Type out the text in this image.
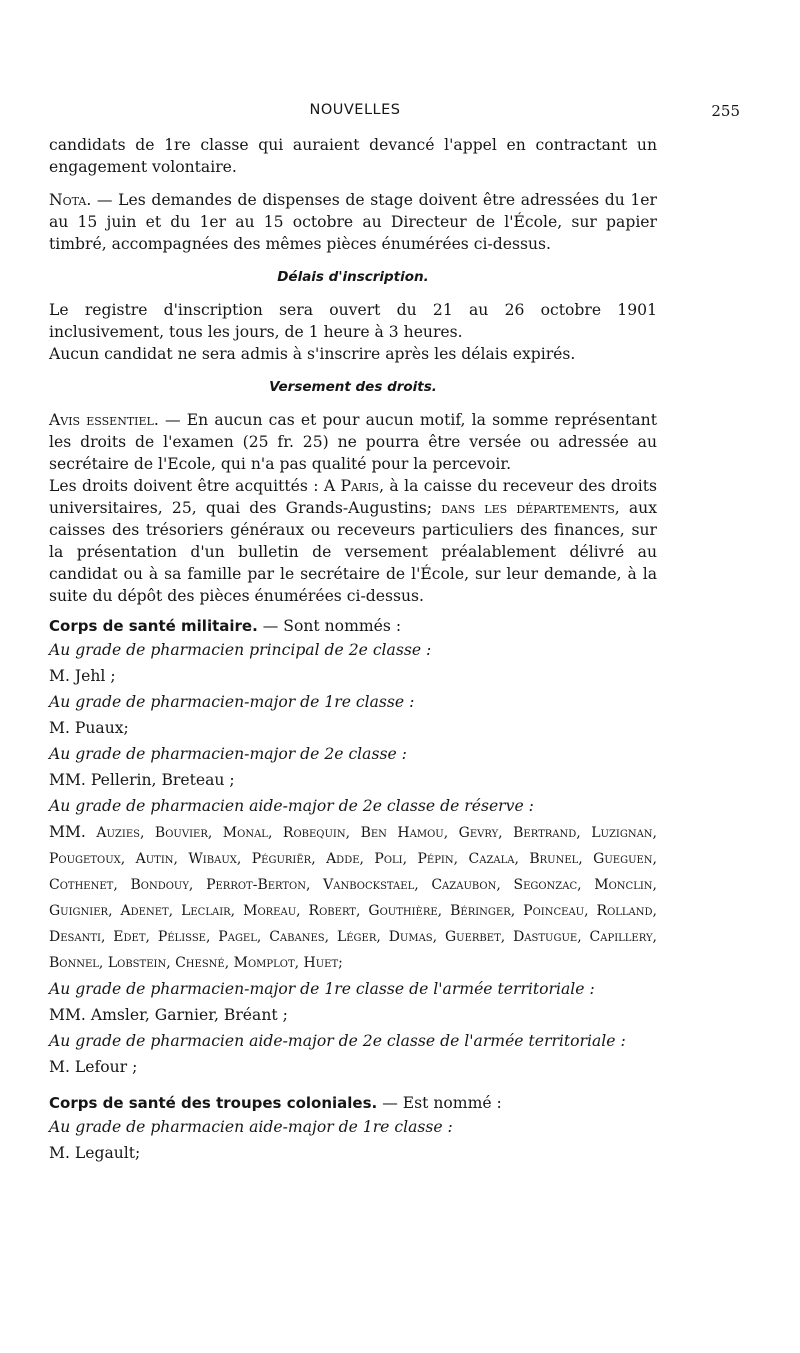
NOUVELLES	255

candidats de 1re classe qui auraient devancé l'appel en contractant un engagement volontaire.

Nota. — Les demandes de dispenses de stage doivent être adressées du 1er au 15 juin et du 1er au 15 octobre au Directeur de l'École, sur papier timbré, accompagnées des mêmes pièces énumérées ci-dessus.

Délais d'inscription.

Le registre d'inscription sera ouvert du 21 au 26 octobre 1901 inclusivement, tous les jours, de 1 heure à 3 heures.

Aucun candidat ne sera admis à s'inscrire après les délais expirés.

Versement des droits.

Avis essentiel. — En aucun cas et pour aucun motif, la somme représentant les droits de l'examen (25 fr. 25) ne pourra être versée ou adressée au secrétaire de l'Ecole, qui n'a pas qualité pour la percevoir.

Les droits doivent être acquittés : A Paris, à la caisse du receveur des droits universitaires, 25, quai des Grands-Augustins; dans les départements, aux caisses des trésoriers généraux ou receveurs particuliers des finances, sur la présentation d'un bulletin de versement préalablement délivré au candidat ou à sa famille par le secrétaire de l'École, sur leur demande, à la suite du dépôt des pièces énumérées ci-dessus.

Corps de santé militaire. — Sont nommés :
Au grade de pharmacien principal de 2e classe :
M. Jehl ;
Au grade de pharmacien-major de 1re classe :
M. Puaux;
Au grade de pharmacien-major de 2e classe :
MM. Pellerin, Breteau ;
Au grade de pharmacien aide-major de 2e classe de réserve :
MM. Auzies, Bouvier, Monal, Robequin, Ben Hamou, Gevry, Bertrand, Luzignan, Pougetoux, Autin, Wibaux, Péguriër, Adde, Poli, Pépin, Cazala, Brunel, Gueguen, Cothenet, Bondouy, Perrot-Berton, Vanbockstael, Cazaubon, Segonzac, Monclin, Guignier, Adenet, Leclair, Moreau, Robert, Gouthière, Béringer, Poinceau, Rolland, Desanti, Edet, Pélisse, Pagel, Cabanes, Léger, Dumas, Guerbet, Dastugue, Capillery, Bonnel, Lobstein, Chesné, Momplot, Huet;
Au grade de pharmacien-major de 1re classe de l'armée territoriale :
MM. Amsler, Garnier, Bréant ;
Au grade de pharmacien aide-major de 2e classe de l'armée territoriale :
M. Lefour ;
Corps de santé des troupes coloniales. — Est nommé :
Au grade de pharmacien aide-major de 1re classe :
M. Legault;
